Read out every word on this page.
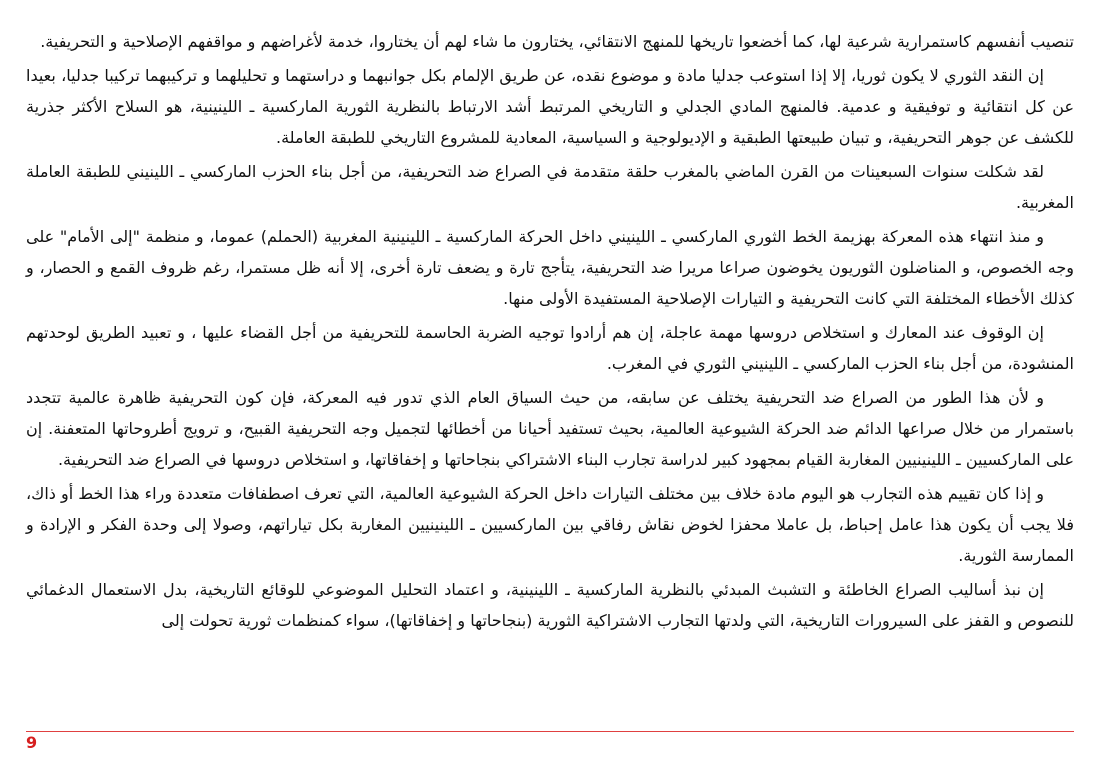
تنصيب أنفسهم كاستمرارية شرعية لها، كما أخضعوا تاريخها للمنهج الانتقائي، يختارون ما شاء لهم أن يختاروا، خدمة لأغراضهم و مواقفهم الإصلاحية و التحريفية.

إن النقد الثوري لا يكون ثوريا، إلا إذا استوعب جدليا مادة و موضوع نقده، عن طريق الإلمام بكل جوانبهما و دراستهما و تحليلهما و تركيبهما تركيبا جدليا، بعيدا عن كل انتقائية و توفيقية و عدمية. فالمنهج المادي الجدلي و التاريخي المرتبط أشد الارتباط بالنظرية الثورية الماركسية ـ اللينينية، هو السلاح الأكثر جذرية للكشف عن جوهر التحريفية، و تبيان طبيعتها الطبقية و الإديولوجية و السياسية، المعادية للمشروع التاريخي للطبقة العاملة.

لقد شكلت سنوات السبعينات من القرن الماضي بالمغرب حلقة متقدمة في الصراع ضد التحريفية، من أجل بناء الحزب الماركسي ـ اللينيني للطبقة العاملة المغربية.

و منذ انتهاء هذه المعركة بهزيمة الخط الثوري الماركسي ـ اللينيني داخل الحركة الماركسية ـ اللينينية المغربية (الحملم) عموما، و منظمة "إلى الأمام" على وجه الخصوص، و المناضلون الثوريون يخوضون صراعا مريرا ضد التحريفية، يتأجج تارة و يضعف تارة أخرى، إلا أنه ظل مستمرا، رغم ظروف القمع و الحصار، و كذلك الأخطاء المختلفة التي كانت التحريفية و التيارات الإصلاحية المستفيدة الأولى منها.

إن الوقوف عند المعارك و استخلاص دروسها مهمة عاجلة، إن هم أرادوا توجيه الضربة الحاسمة للتحريفية من أجل القضاء عليها ، و تعبيد الطريق لوحدتهم المنشودة، من أجل بناء الحزب الماركسي ـ اللينيني الثوري في المغرب.

و لأن هذا الطور من الصراع ضد التحريفية يختلف عن سابقه، من حيث السياق العام الذي تدور فيه المعركة، فإن كون التحريفية ظاهرة عالمية تتجدد باستمرار من خلال صراعها الدائم ضد الحركة الشيوعية العالمية، بحيث تستفيد أحيانا من أخطائها لتجميل وجه التحريفية القبيح، و ترويج أطروحاتها المتعفنة. إن على الماركسيين ـ اللينينيين المغاربة القيام بمجهود كبير لدراسة تجارب البناء الاشتراكي بنجاحاتها و إخفاقاتها، و استخلاص دروسها في الصراع ضد التحريفية.

و إذا كان تقييم هذه التجارب هو اليوم مادة خلاف بين مختلف التيارات داخل الحركة الشيوعية العالمية، التي تعرف اصطفافات متعددة وراء هذا الخط أو ذاك، فلا يجب أن يكون هذا عامل إحباط، بل عاملا محفزا لخوض نقاش رفاقي بين الماركسيين ـ اللينينيين المغاربة بكل تياراتهم، وصولا إلى وحدة الفكر و الإرادة و الممارسة الثورية.

إن نبذ أساليب الصراع الخاطئة و التشبث المبدئي بالنظرية الماركسية ـ اللينينية، و اعتماد التحليل الموضوعي للوقائع التاريخية، بدل الاستعمال الدغمائي للنصوص و القفز على السيرورات التاريخية، التي ولدتها التجارب الاشتراكية الثورية (بنجاحاتها و إخفاقاتها)، سواء كمنظمات ثورية تحولت إلى

9
